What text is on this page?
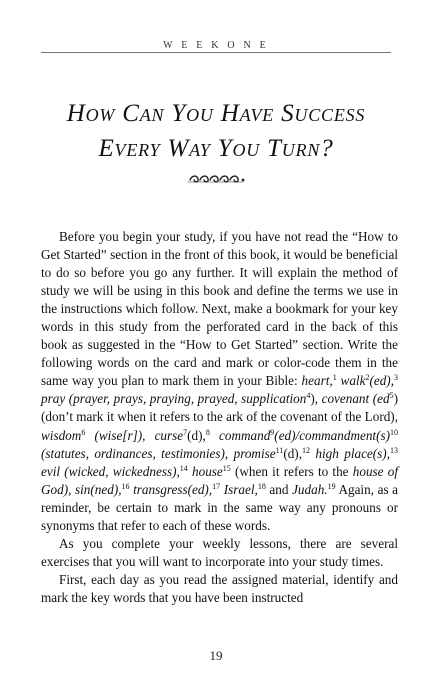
W E E K O N E
How Can You Have Success
Every Way You Turn?

Before you begin your study, if you have not read the “How to Get Started” section in the front of this book, it would be beneficial to do so before you go any further. It will explain the method of study we will be using in this book and define the terms we use in the instructions which follow. Next, make a bookmark for your key words in this study from the perforated card in the back of this book as suggested in the “How to Get Started” section. Write the following words on the card and mark or color-code them in the same way you plan to mark them in your Bible: heart,$^1$ walk$^2$(ed),$^3$ pray (prayer, prays, praying, prayed, supplication$^4$), covenant $(ed^5)$ (don’t mark it when it refers to the ark of the covenant of the Lord), wisdom$^6$ (wise[r]), curse$^7$(d),$^8$ $command^9(ed)/commandment(s)^{10}$ (statutes, ordinances, testimonies), promise$^{11}$(d),$^{12}$ high place(s),$^{13}$ evil (wicked, wickedness),$^{14}$ house$^{15}$ (when it refers to the house of God), sin(ned),$^{16}$ transgress(ed),$^{17}$ Israel,$^{18}$ and Judah.$^{19}$ Again, as a reminder, be certain to mark in the same way any pronouns or synonyms that refer to each of these words.

As you complete your weekly lessons, there are several exercises that you will want to incorporate into your study times.

First, each day as you read the assigned material, identify and mark the key words that you have been instructed

19
